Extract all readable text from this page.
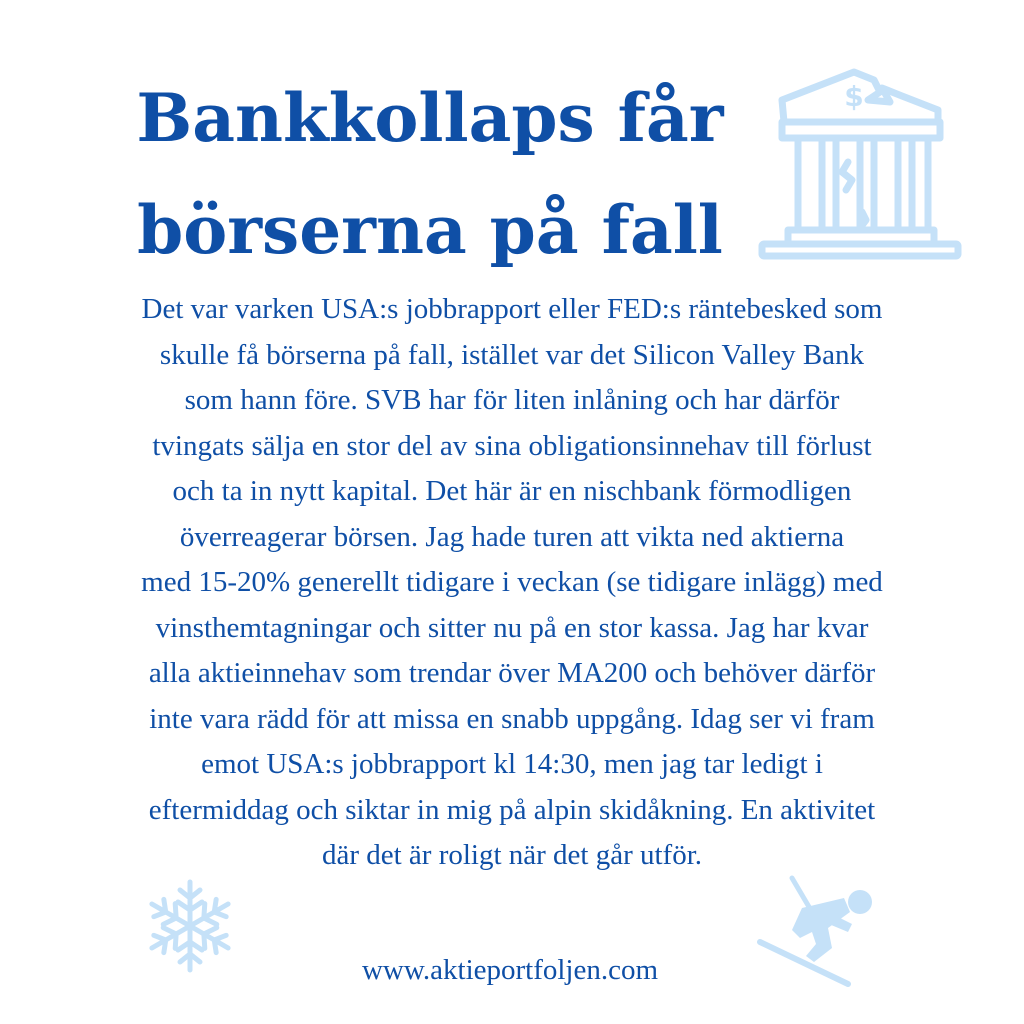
Bankkollaps får
börserna på fall
$
Det var varken USA:s jobbrapport eller FED:s räntebesked som
skulle få börserna på fall, istället var det Silicon Valley Bank
som hann före. SVB har för liten inlåning och har därför
tvingats sälja en stor del av sina obligationsinnehav till förlust
och ta in nytt kapital. Det här är en nischbank förmodligen
överreagerar börsen. Jag hade turen att vikta ned aktierna
med 15-20% generellt tidigare i veckan (se tidigare inlägg) med
vinsthemtagningar och sitter nu på en stor kassa. Jag har kvar
alla aktieinnehav som trendar över MA200 och behöver därför
inte vara rädd för att missa en snabb uppgång. Idag ser vi fram
emot USA:s jobbrapport kl 14:30, men jag tar ledigt i
eftermiddag och siktar in mig på alpin skidåkning. En aktivitet
där det är roligt när det går utför.

www.aktieportfoljen.com
